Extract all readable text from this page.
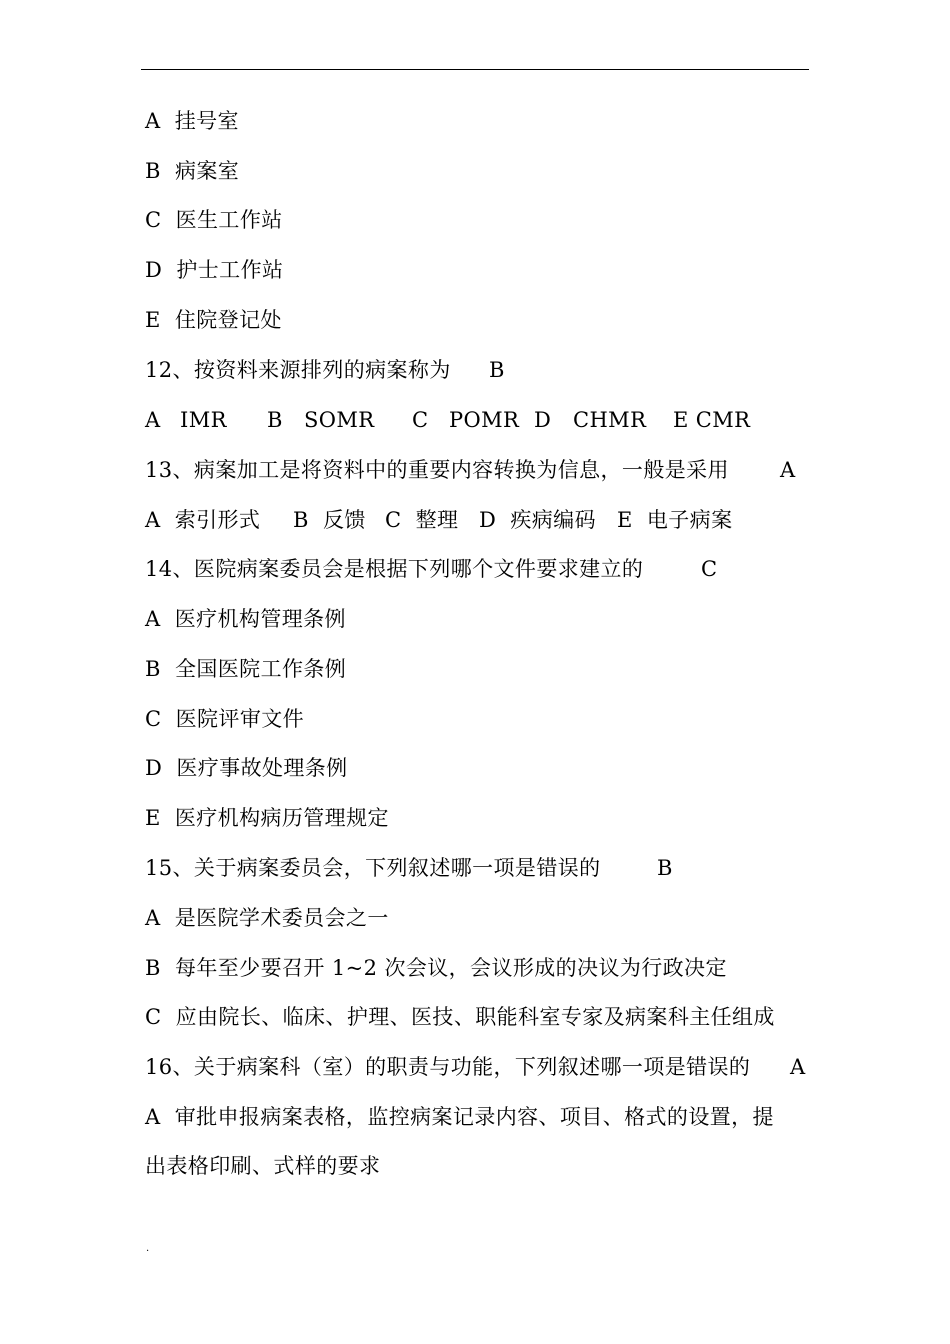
A  挂号室
B  病案室
C  医生工作站
D  护士工作站
E  住院登记处

12、按资料来源排列的病案称为

B

A

IMR

B

SOMR

C

POMR

D

CHMR

E CMR

13、病案加工是将资料中的重要内容转换为信息，一般是采用

A

A  索引形式

B  反馈

C  整理

D  疾病编码

E  电子病案

14、医院病案委员会是根据下列哪个文件要求建立的

	C

A  医疗机构管理条例
B  全国医院工作条例
C  医院评审文件
D  医疗事故处理条例
E  医疗机构病历管理规定

15、关于病案委员会，下列叙述哪一项是错误的

	B

A  是医院学术委员会之一
B  每年至少要召开 1~2 次会议，会议形成的决议为行政决定
C  应由院长、临床、护理、医技、职能科室专家及病案科主任组成

16、关于病案科（室）的职责与功能，下列叙述哪一项是错误的

A

A  审批申报病案表格，监控病案记录内容、项目、格式的设置，提
出表格印刷、式样的要求
.
